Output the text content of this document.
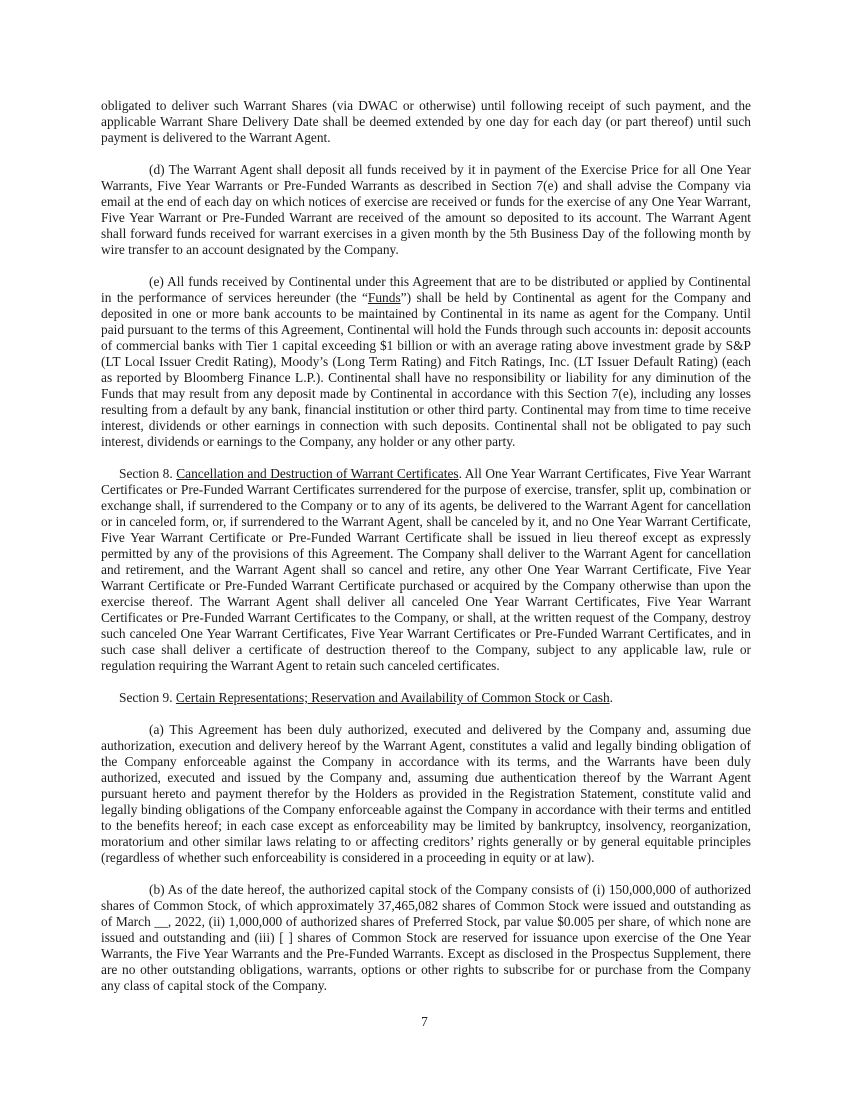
obligated to deliver such Warrant Shares (via DWAC or otherwise) until following receipt of such payment, and the applicable Warrant Share Delivery Date shall be deemed extended by one day for each day (or part thereof) until such payment is delivered to the Warrant Agent.

(d) The Warrant Agent shall deposit all funds received by it in payment of the Exercise Price for all One Year Warrants, Five Year Warrants or Pre-Funded Warrants as described in Section 7(e) and shall advise the Company via email at the end of each day on which notices of exercise are received or funds for the exercise of any One Year Warrant, Five Year Warrant or Pre-Funded Warrant are received of the amount so deposited to its account. The Warrant Agent shall forward funds received for warrant exercises in a given month by the 5th Business Day of the following month by wire transfer to an account designated by the Company.

(e) All funds received by Continental under this Agreement that are to be distributed or applied by Continental in the performance of services hereunder (the “Funds”) shall be held by Continental as agent for the Company and deposited in one or more bank accounts to be maintained by Continental in its name as agent for the Company. Until paid pursuant to the terms of this Agreement, Continental will hold the Funds through such accounts in: deposit accounts of commercial banks with Tier 1 capital exceeding $1 billion or with an average rating above investment grade by S&P (LT Local Issuer Credit Rating), Moody’s (Long Term Rating) and Fitch Ratings, Inc. (LT Issuer Default Rating) (each as reported by Bloomberg Finance L.P.). Continental shall have no responsibility or liability for any diminution of the Funds that may result from any deposit made by Continental in accordance with this Section 7(e), including any losses resulting from a default by any bank, financial institution or other third party. Continental may from time to time receive interest, dividends or other earnings in connection with such deposits. Continental shall not be obligated to pay such interest, dividends or earnings to the Company, any holder or any other party.

Section 8. Cancellation and Destruction of Warrant Certificates. All One Year Warrant Certificates, Five Year Warrant Certificates or Pre-Funded Warrant Certificates surrendered for the purpose of exercise, transfer, split up, combination or exchange shall, if surrendered to the Company or to any of its agents, be delivered to the Warrant Agent for cancellation or in canceled form, or, if surrendered to the Warrant Agent, shall be canceled by it, and no One Year Warrant Certificate, Five Year Warrant Certificate or Pre-Funded Warrant Certificate shall be issued in lieu thereof except as expressly permitted by any of the provisions of this Agreement. The Company shall deliver to the Warrant Agent for cancellation and retirement, and the Warrant Agent shall so cancel and retire, any other One Year Warrant Certificate, Five Year Warrant Certificate or Pre-Funded Warrant Certificate purchased or acquired by the Company otherwise than upon the exercise thereof. The Warrant Agent shall deliver all canceled One Year Warrant Certificates, Five Year Warrant Certificates or Pre-Funded Warrant Certificates to the Company, or shall, at the written request of the Company, destroy such canceled One Year Warrant Certificates, Five Year Warrant Certificates or Pre-Funded Warrant Certificates, and in such case shall deliver a certificate of destruction thereof to the Company, subject to any applicable law, rule or regulation requiring the Warrant Agent to retain such canceled certificates.

Section 9. Certain Representations; Reservation and Availability of Common Stock or Cash.

(a) This Agreement has been duly authorized, executed and delivered by the Company and, assuming due authorization, execution and delivery hereof by the Warrant Agent, constitutes a valid and legally binding obligation of the Company enforceable against the Company in accordance with its terms, and the Warrants have been duly authorized, executed and issued by the Company and, assuming due authentication thereof by the Warrant Agent pursuant hereto and payment therefor by the Holders as provided in the Registration Statement, constitute valid and legally binding obligations of the Company enforceable against the Company in accordance with their terms and entitled to the benefits hereof; in each case except as enforceability may be limited by bankruptcy, insolvency, reorganization, moratorium and other similar laws relating to or affecting creditors’ rights generally or by general equitable principles (regardless of whether such enforceability is considered in a proceeding in equity or at law).

(b) As of the date hereof, the authorized capital stock of the Company consists of (i) 150,000,000 of authorized shares of Common Stock, of which approximately 37,465,082 shares of Common Stock were issued and outstanding as of March __, 2022, (ii) 1,000,000 of authorized shares of Preferred Stock, par value $0.005 per share, of which none are issued and outstanding and (iii) [ ] shares of Common Stock are reserved for issuance upon exercise of the One Year Warrants, the Five Year Warrants and the Pre-Funded Warrants. Except as disclosed in the Prospectus Supplement, there are no other outstanding obligations, warrants, options or other rights to subscribe for or purchase from the Company any class of capital stock of the Company.

7
